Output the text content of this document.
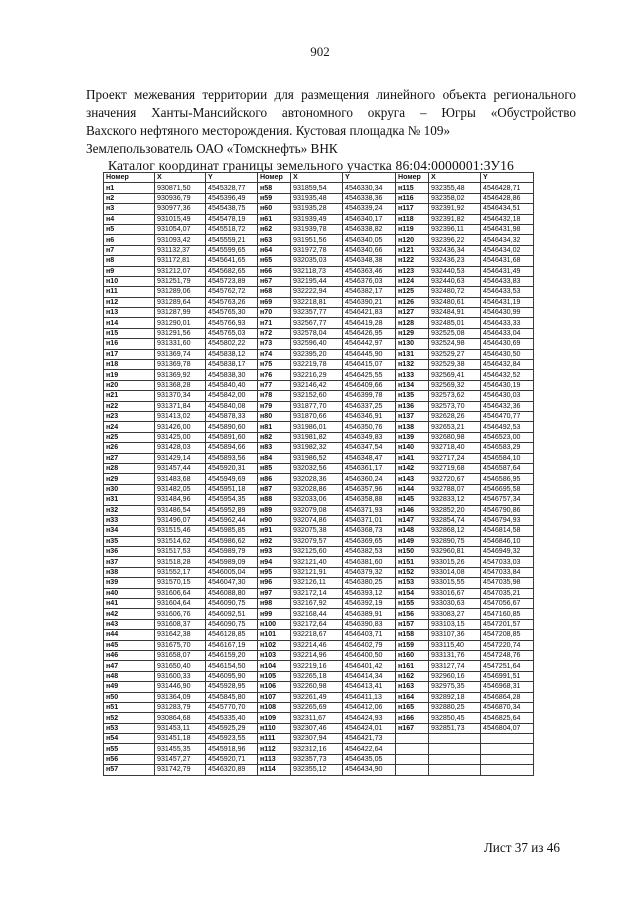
902
Проект межевания территории для размещения линейного объекта регионального
значения Ханты-Мансийского автономного округа – Югры «Обустройство
Вахского нефтяного месторождения. Кустовая площадка № 109»
Землепользователь ОАО «Томскнефть» ВНК
Каталог координат границы земельного участка 86:04:0000001:ЗУ16
Номер	X	Y	Номер	X	Y	Номер	X	Y
н1	930871,50	4545328,77	н58	931859,54	4546330,34	н115	932355,48	4546428,71
н2	930936,79	4545396,49	н59	931935,48	4546338,36	н116	932358,02	4546428,86
н3	930977,36	4545438,75	н60	931935,28	4546339,24	н117	932391,92	4546434,51
н4	931015,49	4545478,19	н61	931939,49	4546340,17	н118	932391,82	4546432,18
н5	931054,07	4545518,72	н62	931939,78	4546338,82	н119	932396,11	4546431,98
н6	931093,42	4545559,21	н63	931951,56	4546340,05	н120	932396,22	4546434,32
н7	931132,37	4545599,65	н64	931972,78	4546340,66	н121	932436,34	4546434,02
н8	931172,81	4545641,65	н65	932035,03	4546348,38	н122	932436,23	4546431,68
н9	931212,07	4545682,65	н66	932118,73	4546363,46	н123	932440,53	4546431,49
н10	931251,79	4545723,89	н67	932195,44	4546376,03	н124	932440,63	4546433,83
н11	931289,06	4545762,72	н68	932222,94	4546382,17	н125	932480,72	4546433,53
н12	931289,64	4545763,26	н69	932218,81	4546390,21	н126	932480,61	4546431,19
н13	931287,99	4545765,30	н70	932357,77	4546421,83	н127	932484,91	4546430,99
н14	931290,01	4545766,93	н71	932567,77	4546419,28	н128	932485,01	4546433,33
н15	931291,56	4545765,03	н72	932578,04	4546426,95	н129	932525,08	4546433,04
н16	931331,60	4545802,22	н73	932596,40	4546442,97	н130	932524,98	4546430,69
н17	931369,74	4545838,12	н74	932395,20	4546445,90	н131	932529,27	4546430,50
н18	931369,78	4545838,17	н75	932219,78	4546415,07	н132	932529,38	4546432,84
н19	931369,92	4545838,30	н76	932216,29	4546425,55	н133	932569,41	4546432,52
н20	931368,28	4545840,40	н77	932146,42	4546409,66	н134	932569,32	4546430,19
н21	931370,34	4545842,00	н78	932152,60	4546399,78	н135	932573,62	4546430,03
н22	931371,84	4545840,08	н79	931877,70	4546337,25	н136	932573,70	4546432,36
н23	931413,02	4545878,33	н80	931870,66	4546346,91	н137	932628,26	4546470,77
н24	931426,00	4545890,60	н81	931986,01	4546350,76	н138	932653,21	4546492,53
н25	931425,00	4545891,60	н82	931981,82	4546349,83	н139	932680,98	4546523,00
н26	931428,03	4545894,66	н83	931982,32	4546347,54	н140	932718,40	4546583,29
н27	931429,14	4545893,56	н84	931986,52	4546348,47	н141	932717,24	4546584,10
н28	931457,44	4545920,31	н85	932032,56	4546361,17	н142	932719,68	4546587,64
н29	931483,68	4545949,69	н86	932028,36	4546360,24	н143	932720,67	4546586,95
н30	931482,05	4545951,18	н87	932028,86	4546357,96	н144	932788,07	4546695,58
н31	931484,96	4545954,35	н88	932033,06	4546358,88	н145	932833,12	4546757,34
н32	931486,54	4545952,89	н89	932079,08	4546371,93	н146	932852,20	4546790,86
н33	931496,07	4545962,44	н90	932074,86	4546371,01	н147	932854,74	4546794,93
н34	931515,46	4545985,85	н91	932075,38	4546368,73	н148	932868,12	4546814,58
н35	931514,62	4545986,62	н92	932079,57	4546369,65	н149	932890,75	4546846,10
н36	931517,53	4545989,79	н93	932125,60	4546382,53	н150	932960,81	4546949,32
н37	931518,28	4545989,09	н94	932121,40	4546381,60	н151	933015,26	4547033,03
н38	931552,17	4546005,04	н95	932121,91	4546379,32	н152	933014,08	4547033,84
н39	931570,15	4546047,30	н96	932126,11	4546380,25	н153	933015,55	4547035,98
н40	931606,64	4546088,80	н97	932172,14	4546393,12	н154	933016,67	4547035,21
н41	931604,64	4546090,75	н98	932167,92	4546392,19	н155	933030,63	4547056,67
н42	931606,76	4546092,51	н99	932168,44	4546389,91	н156	933083,27	4547160,85
н43	931608,37	4546090,75	н100	932172,64	4546390,83	н157	933103,15	4547201,57
н44	931642,38	4546128,85	н101	932218,67	4546403,71	н158	933107,36	4547208,85
н45	931675,70	4546167,19	н102	932214,46	4546402,79	н159	933115,40	4547220,74
н46	931658,07	4546159,20	н103	932214,96	4546400,50	н160	933131,76	4547248,76
н47	931650,40	4546154,50	н104	932219,16	4546401,42	н161	933127,74	4547251,64
н48	931600,33	4546095,90	н105	932265,18	4546414,34	н162	932960,16	4546991,51
н49	931446,90	4545928,95	н106	932260,98	4546413,41	н163	932975,35	4546968,31
н50	931364,09	4545845,80	н107	932261,49	4546411,13	н164	932892,18	4546864,28
н51	931283,79	4545770,70	н108	932265,69	4546412,06	н165	932880,25	4546870,34
н52	930864,68	4545335,40	н109	932311,67	4546424,93	н166	932850,45	4546825,64
н53	931453,11	4545925,29	н110	932307,46	4546424,01	н167	932851,73	4546804,07
н54	931451,18	4545923,55	н111	932307,94	4546421,73			
н55	931455,35	4545918,96	н112	932312,16	4546422,64			
н56	931457,27	4545920,71	н113	932357,73	4546435,05			
н57	931742,79	4546320,89	н114	932355,12	4546434,90			
Лист 37 из 46
